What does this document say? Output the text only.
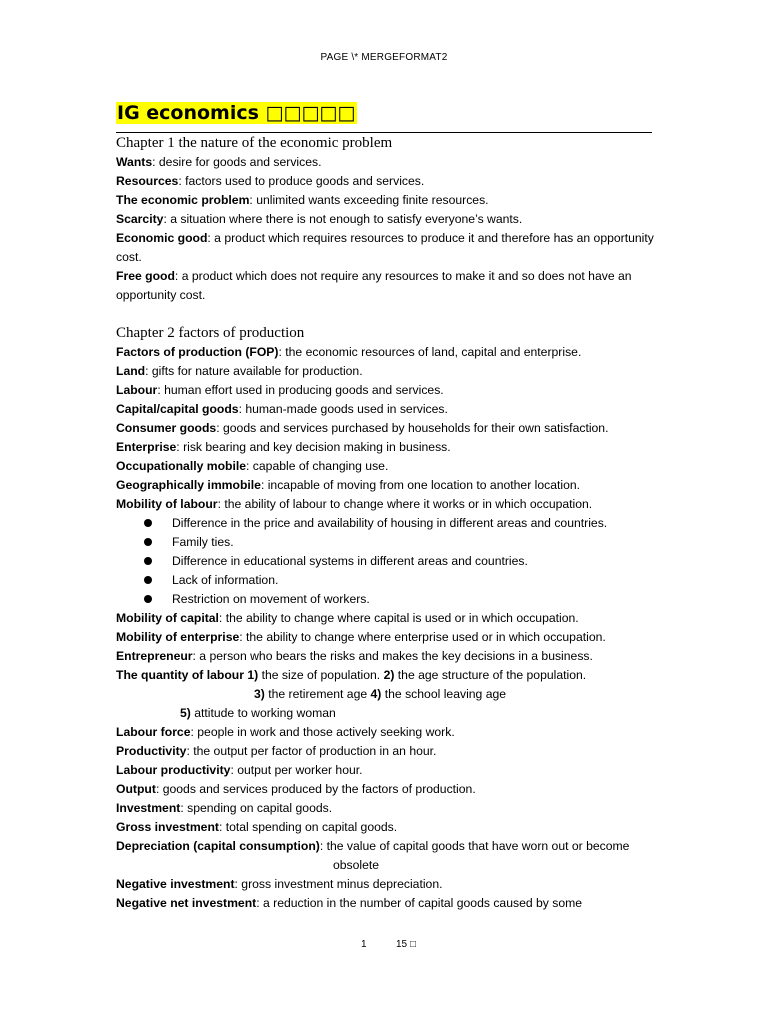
PAGE \* MERGEFORMAT2
IG economics □□□□□
Chapter 1 the nature of the economic problem
Wants: desire for goods and services.
Resources: factors used to produce goods and services.
The economic problem: unlimited wants exceeding finite resources.
Scarcity: a situation where there is not enough to satisfy everyone’s wants.
Economic good: a product which requires resources to produce it and therefore has an opportunity cost.
Free good: a product which does not require any resources to make it and so does not have an opportunity cost.
Chapter 2 factors of production
Factors of production (FOP): the economic resources of land, capital and enterprise.
Land: gifts for nature available for production.
Labour: human effort used in producing goods and services.
Capital/capital goods: human-made goods used in services.
Consumer goods: goods and services purchased by households for their own satisfaction.
Enterprise: risk bearing and key decision making in business.
Occupationally mobile: capable of changing use.
Geographically immobile: incapable of moving from one location to another location.
Mobility of labour: the ability of labour to change where it works or in which occupation.
Difference in the price and availability of housing in different areas and countries.
Family ties.
Difference in educational systems in different areas and countries.
Lack of information.
Restriction on movement of workers.
Mobility of capital: the ability to change where capital is used or in which occupation.
Mobility of enterprise: the ability to change where enterprise used or in which occupation.
Entrepreneur: a person who bears the risks and makes the key decisions in a business.
The quantity of labour 1) the size of population. 2) the age structure of the population.
3) the retirement age 4) the school leaving age
5) attitude to working woman
Labour force: people in work and those actively seeking work.
Productivity: the output per factor of production in an hour.
Labour productivity: output per worker hour.
Output: goods and services produced by the factors of production.
Investment: spending on capital goods.
Gross investment: total spending on capital goods.
Depreciation (capital consumption): the value of capital goods that have worn out or become
obsolete
Negative investment: gross investment minus depreciation.
Negative net investment: a reduction in the number of capital goods caused by some
1	15 □
